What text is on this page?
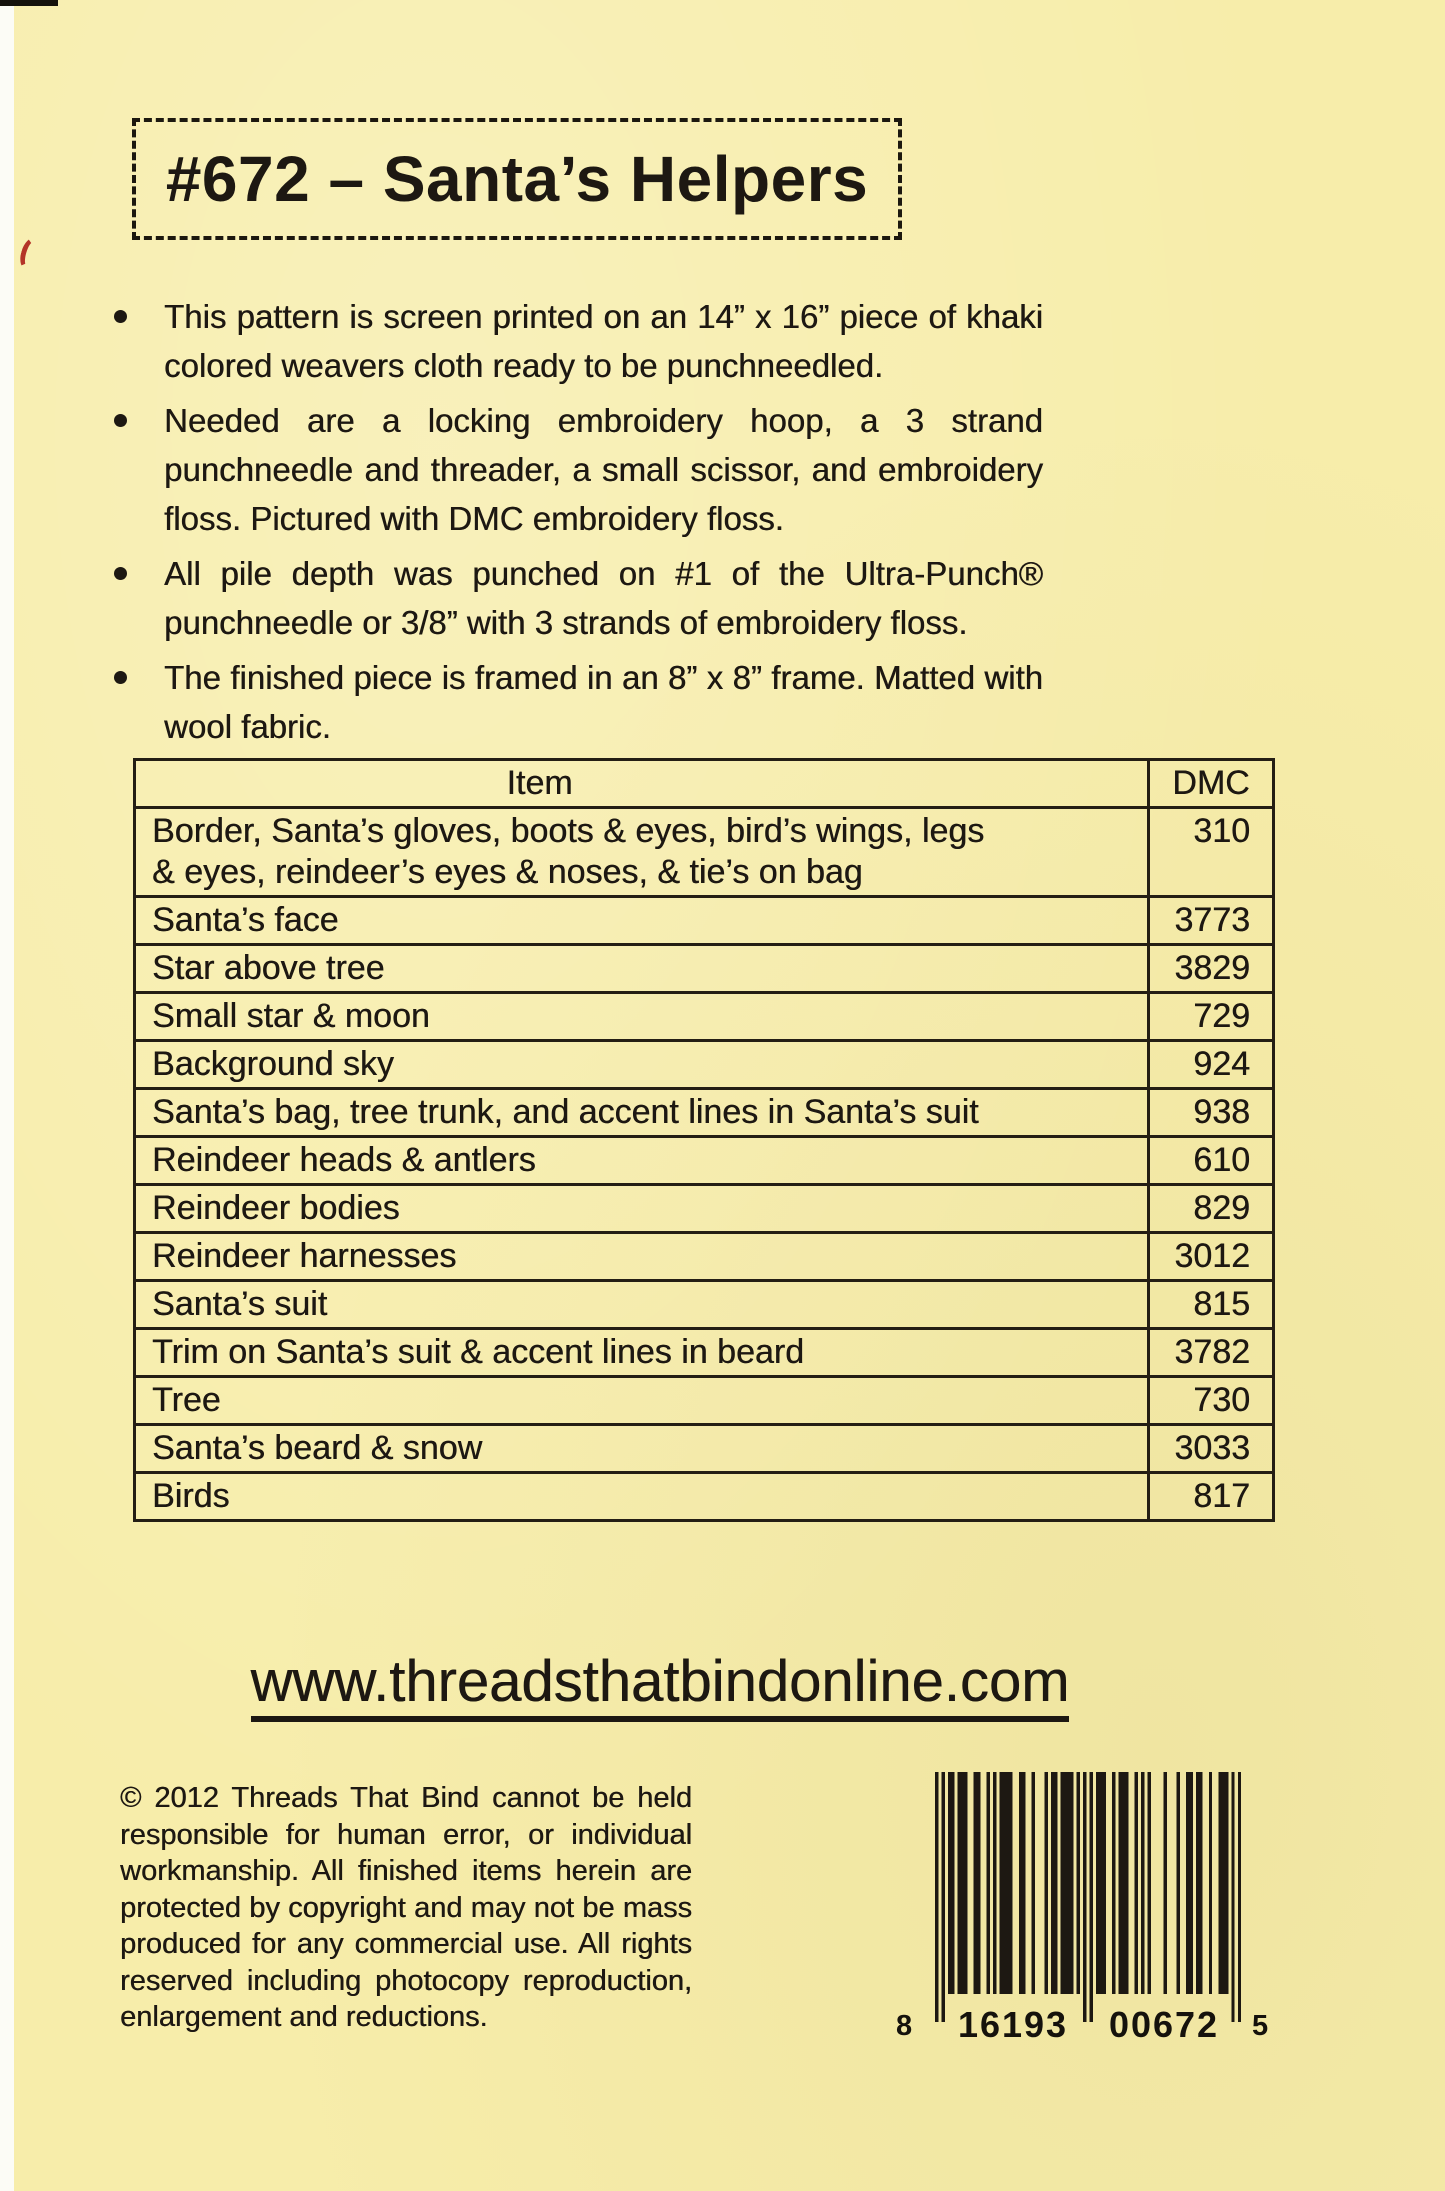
#672 – Santa’s Helpers
This pattern is screen printed on an 14” x 16” piece of khaki colored weavers cloth ready to be punchneedled.
Needed are a locking embroidery hoop, a 3 strand punchneedle and threader, a small scissor, and embroidery floss. Pictured with DMC embroidery floss.
All pile depth was punched on #1 of the Ultra-Punch® punchneedle or 3/8” with 3 strands of embroidery floss.
The finished piece is framed in an 8” x 8” frame. Matted with wool fabric.
Item	DMC
Border, Santa’s gloves, boots & eyes, bird’s wings, legs & eyes, reindeer’s eyes & noses, & tie’s on bag	310
Santa’s face	3773
Star above tree	3829
Small star & moon	729
Background sky	924
Santa’s bag, tree trunk, and accent lines in Santa’s suit	938
Reindeer heads & antlers	610
Reindeer bodies	829
Reindeer harnesses	3012
Santa’s suit	815
Trim on Santa’s suit & accent lines in beard	3782
Tree	730
Santa’s beard & snow	3033
Birds	817
www.threadsthatbindonline.com
© 2012 Threads That Bind cannot be held responsible for human error, or individual workmanship. All finished items herein are protected by copyright and may not be mass produced for any commercial use. All rights reserved including photocopy reproduction, enlargement and reductions.	8	16193	00672	5
